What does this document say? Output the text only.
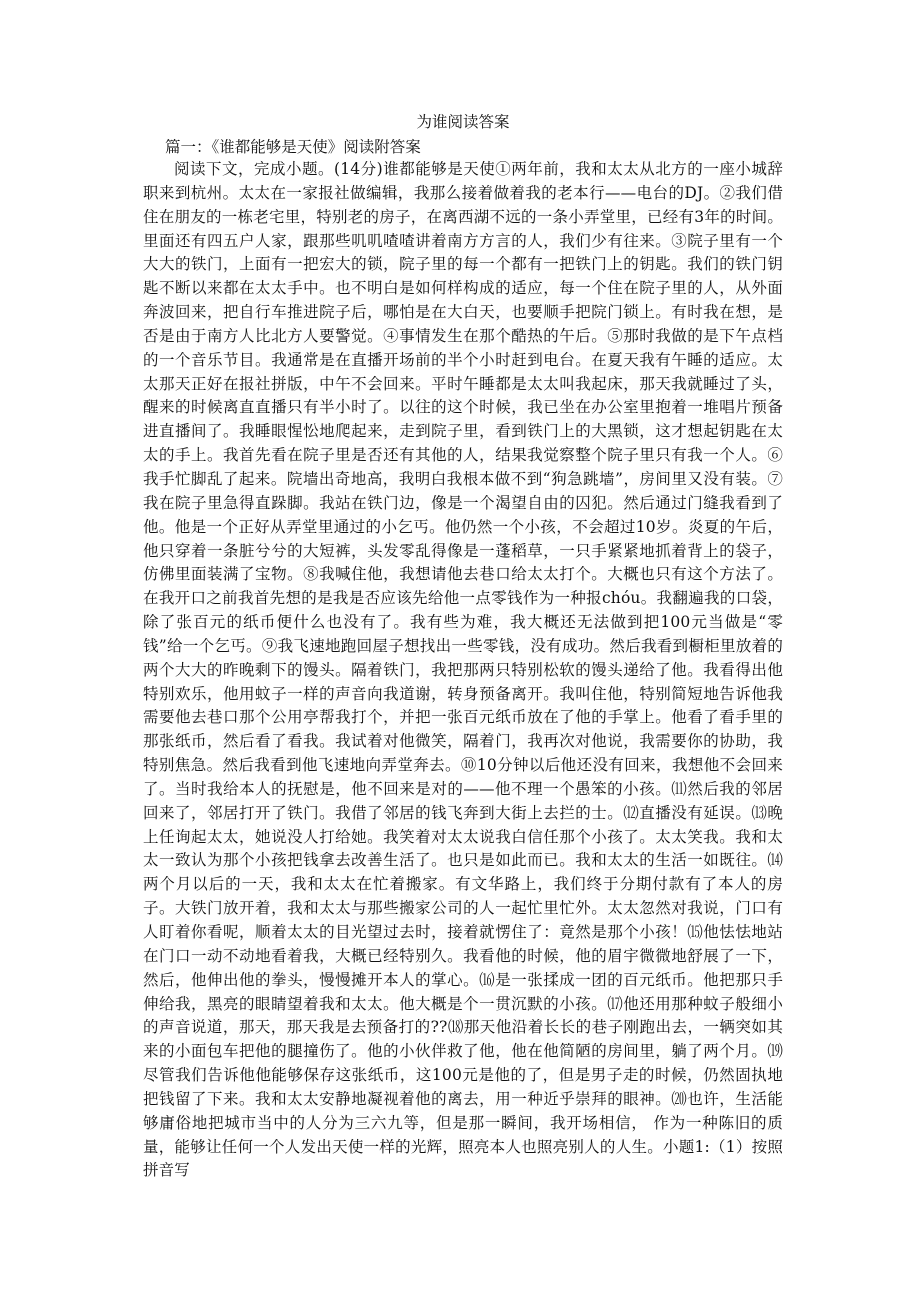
为谁阅读答案

篇一：《谁都能够是天使》阅读附答案

阅读下文，完成小题。(14分)谁都能够是天使①两年前，我和太太从北方的一座小城辞职来到杭州。太太在一家报社做编辑，我那么接着做着我的老本行——电台的DJ。②我们借住在朋友的一栋老宅里，特别老的房子，在离西湖不远的一条小弄堂里，已经有3年的时间。里面还有四五户人家，跟那些叽叽喳喳讲着南方方言的人，我们少有往来。③院子里有一个大大的铁门，上面有一把宏大的锁，院子里的每一个都有一把铁门上的钥匙。我们的铁门钥匙不断以来都在太太手中。也不明白是如何样构成的适应，每一个住在院子里的人，从外面奔波回来，把自行车推进院子后，哪怕是在大白天，也要顺手把院门锁上。有时我在想，是否是由于南方人比北方人要警觉。④事情发生在那个酷热的午后。⑤那时我做的是下午点档的一个音乐节目。我通常是在直播开场前的半个小时赶到电台。在夏天我有午睡的适应。太太那天正好在报社拼版，中午不会回来。平时午睡都是太太叫我起床，那天我就睡过了头，醒来的时候离直直播只有半小时了。以往的这个时候，我已坐在办公室里抱着一堆唱片预备进直播间了。我睡眼惺忪地爬起来，走到院子里，看到铁门上的大黑锁，这才想起钥匙在太太的手上。我首先看在院子里是否还有其他的人，结果我觉察整个院子里只有我一个人。⑥我手忙脚乱了起来。院墙出奇地高，我明白我根本做不到“狗急跳墙”，房间里又没有装。⑦我在院子里急得直跺脚。我站在铁门边，像是一个渴望自由的囚犯。然后通过门缝我看到了他。他是一个正好从弄堂里通过的小乞丐。他仍然一个小孩，不会超过10岁。炎夏的午后，他只穿着一条脏兮兮的大短裤，头发零乱得像是一蓬稻草，一只手紧紧地抓着背上的袋子，仿佛里面装满了宝物。⑧我喊住他，我想请他去巷口给太太打个。大概也只有这个方法了。在我开口之前我首先想的是我是否应该先给他一点零钱作为一种报chóu。我翻遍我的口袋，除了张百元的纸币便什么也没有了。我有些为难，我大概还无法做到把100元当做是“零钱”给一个乞丐。⑨我飞速地跑回屋子想找出一些零钱，没有成功。然后我看到橱柜里放着的两个大大的昨晚剩下的馒头。隔着铁门，我把那两只特别松软的馒头递给了他。我看得出他特别欢乐，他用蚊子一样的声音向我道谢，转身预备离开。我叫住他，特别简短地告诉他我需要他去巷口那个公用亭帮我打个，并把一张百元纸币放在了他的手掌上。他看了看手里的那张纸币，然后看了看我。我试着对他微笑，隔着门，我再次对他说，我需要你的协助，我特别焦急。然后我看到他飞速地向弄堂奔去。⑩10分钟以后他还没有回来，我想他不会回来了。当时我给本人的抚慰是，他不回来是对的——他不理一个愚笨的小孩。⑾然后我的邻居回来了，邻居打开了铁门。我借了邻居的钱飞奔到大街上去拦的士。⑿直播没有延误。⒀晚上任询起太太，她说没人打给她。我笑着对太太说我白信任那个小孩了。太太笑我。我和太太一致认为那个小孩把钱拿去改善生活了。也只是如此而已。我和太太的生活一如既往。⒁两个月以后的一天，我和太太在忙着搬家。有文华路上，我们终于分期付款有了本人的房子。大铁门放开着，我和太太与那些搬家公司的人一起忙里忙外。太太忽然对我说，门口有人盯着你看呢，顺着太太的目光望过去时，接着就愣住了：竟然是那个小孩！⒂他怯怯地站在门口一动不动地看着我，大概已经特别久。我看他的时候，他的眉宇微微地舒展了一下，然后，他伸出他的拳头，慢慢摊开本人的掌心。⒃是一张揉成一团的百元纸币。他把那只手伸给我，黑亮的眼睛望着我和太太。他大概是个一贯沉默的小孩。⒄他还用那种蚊子般细小的声音说道，那天，那天我是去预备打的??⒅那天他沿着长长的巷子刚跑出去，一辆突如其来的小面包车把他的腿撞伤了。他的小伙伴救了他，他在他简陋的房间里，躺了两个月。⒆尽管我们告诉他他能够保存这张纸币，这100元是他的了，但是男子走的时候，仍然固执地把钱留了下来。我和太太安静地凝视着他的离去，用一种近乎崇拜的眼神。⒇也许，生活能够庸俗地把城市当中的人分为三六九等，但是那一瞬间，我开场相信， 作为一种陈旧的质量，能够让任何一个人发出天使一样的光辉，照亮本人也照亮别人的人生。小题1:（1）按照拼音写
